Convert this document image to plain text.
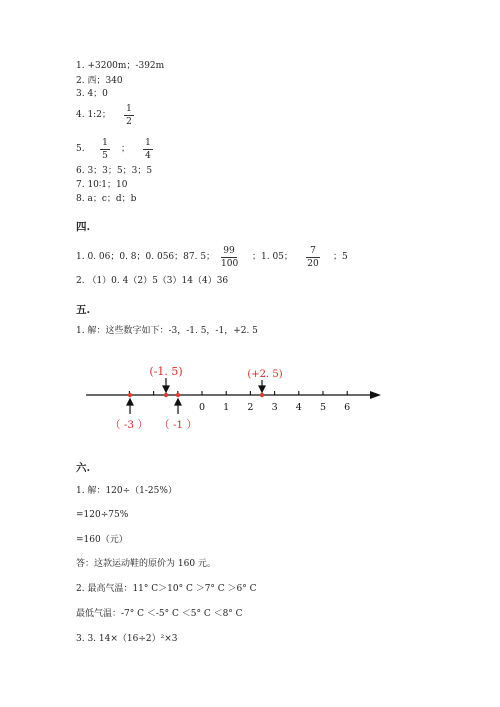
1. +3200m；-392m
2. 西；340
3. 4；0
4. 1:2；
1
2
5.
1
5
；
1
4
6. 3；3；5；3；5
7. 10∶1；10
8. a；c；d；b
四.
1. 0. 06；0. 8；0. 056；87. 5；
99
100
；1. 05；
7
20
；5
2. （1）0. 4（2）5（3）14（4）36
五.
1. 解：这些数字如下：-3，-1. 5，-1，+2. 5
0 1 2 3 4 5 6
(-1. 5)	(+2. 5)
（ -3 ） （ -1 ）
六.
1. 解：120÷（1-25%）
=120÷75%
=160（元）
答：这款运动鞋的原价为 160 元。
2. 最高气温：11° C＞10° C ＞7° C ＞6° C
最低气温：-7° C ＜-5° C ＜5° C ＜8° C
3. 3. 14×（16÷2）²×3
